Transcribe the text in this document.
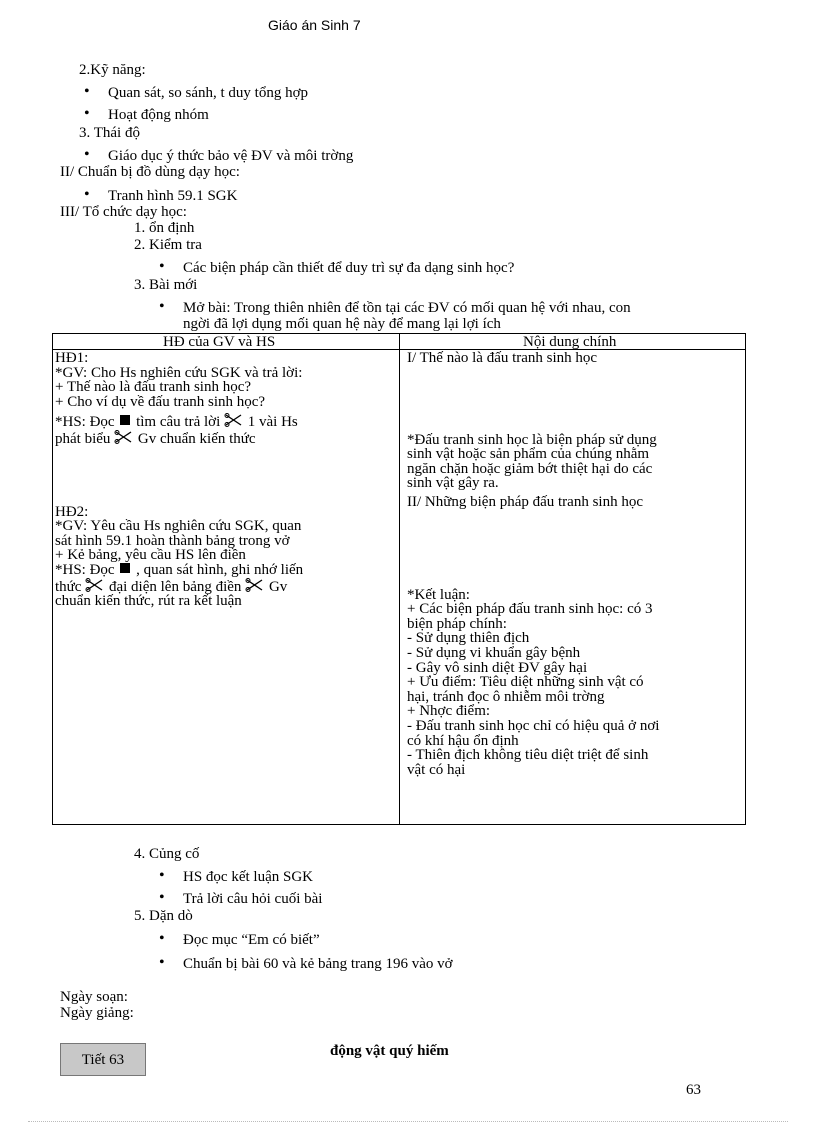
Giáo án Sinh 7
2.Kỹ năng:
• Quan sát, so sánh, t duy tổng hợp
• Hoạt động nhóm
3. Thái độ
• Giáo dục ý thức bảo vệ ĐV và môi trờng
II/ Chuẩn bị đồ dùng dạy học:
• Tranh hình 59.1 SGK
III/ Tổ chức dạy học:
1. ổn định
2. Kiểm tra
• Các biện pháp cần thiết để duy trì sự đa dạng sinh học?
3. Bài mới
• Mở bài: Trong thiên nhiên để tồn tại các ĐV có mối quan hệ với nhau, con
ngời đã lợi dụng mối quan hệ này để mang lại lợi ích
HĐ của GV và HS	Nội dung chính
HĐ1:
*GV: Cho Hs nghiên cứu SGK và trả lời:
+ Thế nào là đấu tranh sinh học?
+ Cho ví dụ về đấu tranh sinh học?
*HS: Đọc tìm câu trả lời 1 vài Hs
phát biểu Gv chuẩn kiến thức
HĐ2:
*GV: Yêu cầu Hs nghiên cứu SGK, quan
sát hình 59.1 hoàn thành bảng trong vở
+ Kẻ bảng, yêu cầu HS lên điền
*HS: Đọc , quan sát hình, ghi nhớ liến
thức đại diện lên bảng điền Gv
chuẩn kiến thức, rút ra kết luận
I/ Thế nào là đấu tranh sinh học
*Đấu tranh sinh học là biện pháp sử dụng
sinh vật hoặc sản phẩm của chúng nhằm
ngăn chặn hoặc giảm bớt thiệt hại do các
sinh vật gây ra.
II/ Những biện pháp đấu tranh sinh học
*Kết luận:
+ Các biện pháp đấu tranh sinh học: có 3
biện pháp chính:
- Sử dụng thiên địch
- Sử dụng vi khuẩn gây bệnh
- Gây vô sinh diệt ĐV gây hại
+ Ưu điểm: Tiêu diệt những sinh vật có
hại, tránh đọc ô nhiễm môi trờng
+ Nhợc điểm:
- Đấu tranh sinh học chỉ có hiệu quả ở nơi
có khí hậu ổn định
- Thiên địch không tiêu diệt triệt để sinh
vật có hại
4. Củng cố
• HS đọc kết luận SGK
• Trả lời câu hỏi cuối bài
5. Dặn dò
• Đọc mục “Em có biết”
• Chuẩn bị bài 60 và kẻ bảng trang 196 vào vở
Ngày soạn:
Ngày giảng:
Tiết 63
động vật quý hiếm
63
